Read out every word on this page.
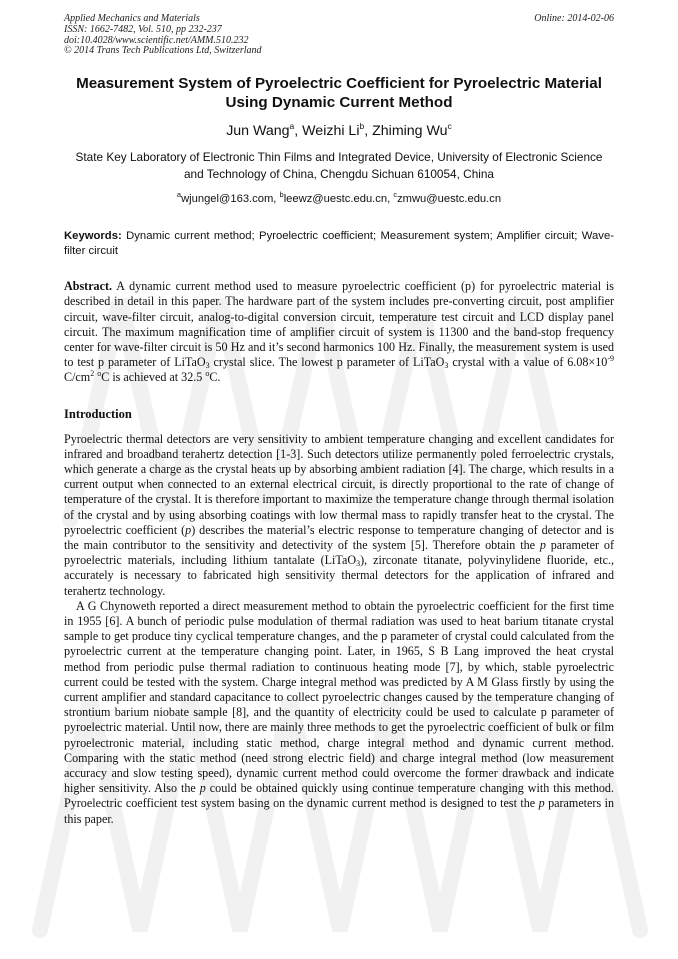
Applied Mechanics and Materials
ISSN: 1662-7482, Vol. 510, pp 232-237
doi:10.4028/www.scientific.net/AMM.510.232
© 2014 Trans Tech Publications Ltd, Switzerland
Online: 2014-02-06
Measurement System of Pyroelectric Coefficient for Pyroelectric Material Using Dynamic Current Method
Jun Wang$^a$, Weizhi Li$^b$, Zhiming Wu$^c$
State Key Laboratory of Electronic Thin Films and Integrated Device, University of Electronic Science and Technology of China, Chengdu Sichuan 610054, China
$^a$wjungel@163.com, $^b$leewz@uestc.edu.cn, $^c$zmwu@uestc.edu.cn
Keywords: Dynamic current method; Pyroelectric coefficient; Measurement system; Amplifier circuit; Wave-filter circuit
Abstract. A dynamic current method used to measure pyroelectric coefficient (p) for pyroelectric material is described in detail in this paper. The hardware part of the system includes pre-converting circuit, post amplifier circuit, wave-filter circuit, analog-to-digital conversion circuit, temperature test circuit and LCD display panel circuit. The maximum magnification time of amplifier circuit of system is 11300 and the band-stop frequency center for wave-filter circuit is 50 Hz and it’s second harmonics 100 Hz. Finally, the measurement system is used to test p parameter of LiTaO$_3$ crystal slice. The lowest p parameter of LiTaO$_3$ crystal with a value of $6.08\times 10^{-9}$ $C/cm^2$ $^o$C is achieved at 32.5 $^o$C.
Introduction
Pyroelectric thermal detectors are very sensitivity to ambient temperature changing and excellent candidates for infrared and broadband terahertz detection [1-3]. Such detectors utilize permanently poled ferroelectric crystals, which generate a charge as the crystal heats up by absorbing ambient radiation [4]. The charge, which results in a current output when connected to an external electrical circuit, is directly proportional to the rate of change of temperature of the crystal. It is therefore important to maximize the temperature change through thermal isolation of the crystal and by using absorbing coatings with low thermal mass to rapidly transfer heat to the crystal. The pyroelectric coefficient (p) describes the material’s electric response to temperature changing of detector and is the main contributor to the sensitivity and detectivity of the system [5]. Therefore obtain the p parameter of pyroelectric materials, including lithium tantalate (LiTaO$_3$), zirconate titanate, polyvinylidene fluoride, etc., accurately is necessary to fabricated high sensitivity thermal detectors for the application of infrared and terahertz technology.
A G Chynoweth reported a direct measurement method to obtain the pyroelectric coefficient for the first time in 1955 [6]. A bunch of periodic pulse modulation of thermal radiation was used to heat barium titanate crystal sample to get produce tiny cyclical temperature changes, and the p parameter of crystal could calculated from the pyroelectric current at the temperature changing point. Later, in 1965, S B Lang improved the heat crystal method from periodic pulse thermal radiation to continuous heating mode [7], by which, stable pyroelectric current could be tested with the system. Charge integral method was predicted by A M Glass firstly by using the current amplifier and standard capacitance to collect pyroelectric changes caused by the temperature changing of strontium barium niobate sample [8], and the quantity of electricity could be used to calculate p parameter of pyroelectric material. Until now, there are mainly three methods to get the pyroelectric coefficient of bulk or film pyroelectronic material, including static method, charge integral method and dynamic current method. Comparing with the static method (need strong electric field) and charge integral method (low measurement accuracy and slow testing speed), dynamic current method could overcome the former drawback and indicate higher sensitivity. Also the p could be obtained quickly using continue temperature changing with this method. Pyroelectric coefficient test system basing on the dynamic current method is designed to test the p parameters in this paper.
